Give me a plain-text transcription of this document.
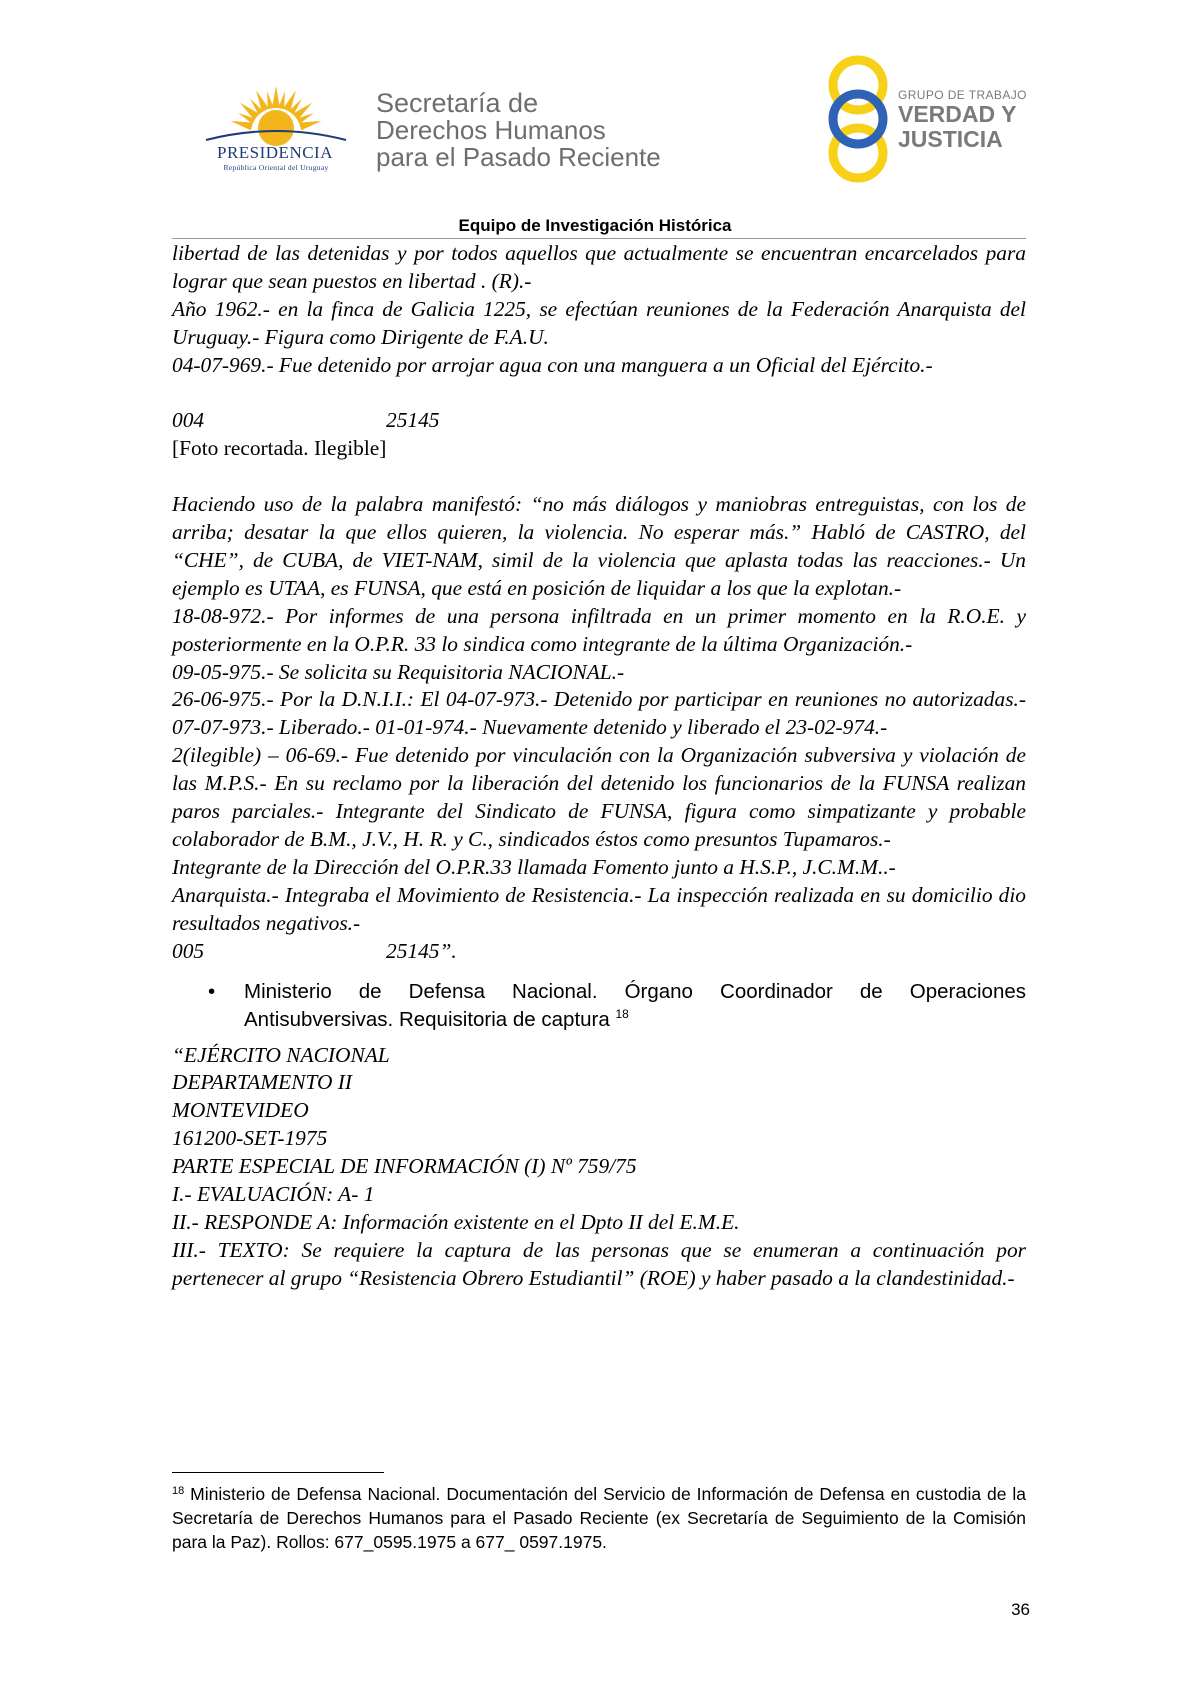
PRESIDENCIA
República Oriental del Uruguay
Secretaría de
Derechos Humanos
para el Pasado Reciente
GRUPO DE TRABAJO
VERDAD Y
JUSTICIA
Equipo de Investigación Histórica

libertad de las detenidas y por todos aquellos que actualmente se encuentran encarcelados para lograr que sean puestos en libertad . (R).-

Año 1962.- en la finca de Galicia 1225, se efectúan reuniones de la Federación Anarquista del Uruguay.- Figura como Dirigente de F.A.U.

04-07-969.- Fue detenido por arrojar agua con una manguera a un Oficial del Ejército.-

004	25145

[Foto recortada. Ilegible]

Haciendo uso de la palabra manifestó: “no más diálogos y maniobras entreguistas, con los de arriba; desatar la que ellos quieren, la violencia. No esperar más.” Habló de CASTRO, del “CHE”, de CUBA, de VIET-NAM, simil de la violencia que aplasta todas las reacciones.- Un ejemplo es UTAA, es FUNSA, que está en posición de liquidar a los que la explotan.-

18-08-972.- Por informes de una persona infiltrada en un primer momento en la R.O.E. y posteriormente en la O.P.R. 33 lo sindica como integrante de la última Organización.-

09-05-975.- Se solicita su Requisitoria NACIONAL.-

26-06-975.- Por la D.N.I.I.: El 04-07-973.- Detenido por participar en reuniones no autorizadas.- 07-07-973.- Liberado.- 01-01-974.- Nuevamente detenido y liberado el 23-02-974.-

2(ilegible) – 06-69.- Fue detenido por vinculación con la Organización subversiva y violación de las M.P.S.- En su reclamo por la liberación del detenido los funcionarios de la FUNSA realizan paros parciales.- Integrante del Sindicato de FUNSA, figura como simpatizante y probable colaborador de B.M., J.V., H. R. y C., sindicados éstos como presuntos Tupamaros.-

Integrante de la Dirección del O.P.R.33 llamada Fomento junto a H.S.P., J.C.M.M..-

Anarquista.- Integraba el Movimiento de Resistencia.- La inspección realizada en su domicilio dio resultados negativos.-

005	25145”.

• Ministerio de Defensa Nacional. Órgano Coordinador de Operaciones Antisubversivas. Requisitoria de captura $^{18}$

“EJÉRCITO NACIONAL

DEPARTAMENTO II

MONTEVIDEO

161200-SET-1975

PARTE ESPECIAL DE INFORMACIÓN (I) Nº 759/75

I.- EVALUACIÓN: A- 1

II.- RESPONDE A: Información existente en el Dpto II del E.M.E.

III.- TEXTO: Se requiere la captura de las personas que se enumeran a continuación por pertenecer al grupo “Resistencia Obrero Estudiantil” (ROE) y haber pasado a la clandestinidad.-

$^{18}$ Ministerio de Defensa Nacional. Documentación del Servicio de Información de Defensa en custodia de la Secretaría de Derechos Humanos para el Pasado Reciente (ex Secretaría de Seguimiento de la Comisión para la Paz). Rollos: 677_0595.1975 a 677_ 0597.1975.
36
